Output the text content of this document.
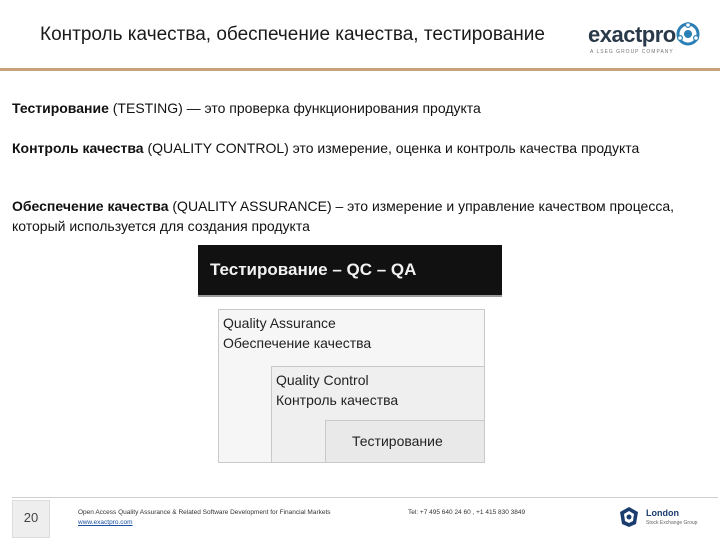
Контроль качества, обеспечение качества, тестирование exactpro
A LSEG GROUP COMPANY
Тестирование (TESTING) — это проверка функционирования продукта
Контроль качества (QUALITY CONTROL) это измерение, оценка и контроль качества продукта
Обеспечение качества (QUALITY ASSURANCE) – это измерение и управление качеством процесса, который используется для создания продукта
Тестирование – QC – QA
Quality Assurance
Обеспечение качества
Quality Control
Контроль качества
Тестирование
20	Open Access Quality Assurance & Related Software Development for Financial Markets
www.exactpro.com
Tel: +7 495 640 24 60 , +1 415 830 3849	London
Stock Exchange Group
